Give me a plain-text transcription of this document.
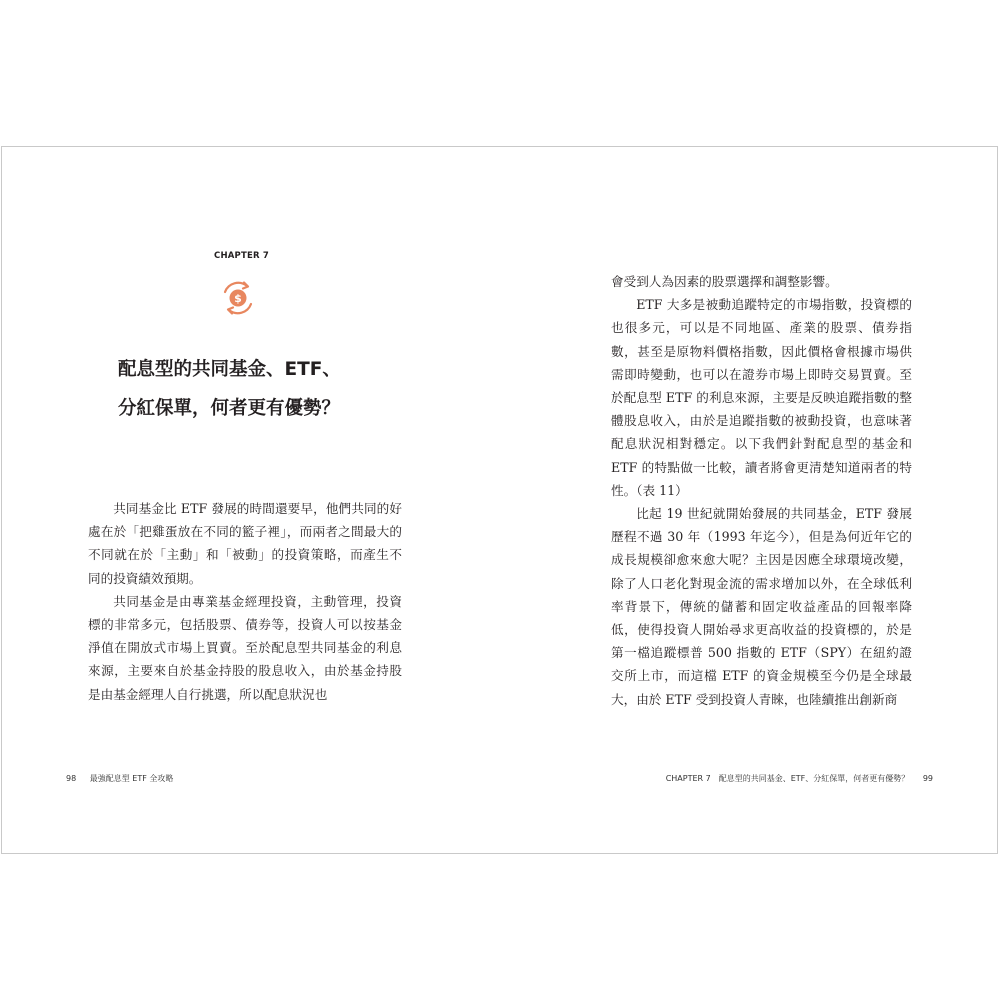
CHAPTER 7
$
配息型的共同基金、ETF、
分紅保單，何者更有優勢？

共同基金比 ETF 發展的時間還要早，他們共同的好處在於「把雞蛋放在不同的籃子裡」，而兩者之間最大的不同就在於「主動」和「被動」的投資策略，而產生不同的投資績效預期。

共同基金是由專業基金經理投資，主動管理，投資標的非常多元，包括股票、債券等，投資人可以按基金淨值在開放式市場上買賣。至於配息型共同基金的利息來源，主要來自於基金持股的股息收入，由於基金持股是由基金經理人自行挑選，所以配息狀況也

98 最強配息型 ETF 全攻略

會受到人為因素的股票選擇和調整影響。

ETF 大多是被動追蹤特定的市場指數，投資標的也很多元，可以是不同地區、產業的股票、債券指數，甚至是原物料價格指數，因此價格會根據市場供需即時變動，也可以在證券市場上即時交易買賣。至於配息型 ETF 的利息來源，主要是反映追蹤指數的整體股息收入，由於是追蹤指數的被動投資，也意味著配息狀況相對穩定。以下我們針對配息型的基金和 ETF 的特點做一比較，讀者將會更清楚知道兩者的特性。（表 11）

比起 19 世紀就開始發展的共同基金，ETF 發展歷程不過 30 年（1993 年迄今），但是為何近年它的成長規模卻愈來愈大呢？主因是因應全球環境改變，除了人口老化對現金流的需求增加以外，在全球低利率背景下，傳統的儲蓄和固定收益產品的回報率降低，使得投資人開始尋求更高收益的投資標的，於是第一檔追蹤標普 500 指數的 ETF（SPY）在紐約證交所上市，而這檔 ETF 的資金規模至今仍是全球最大，由於 ETF 受到投資人青睞，也陸續推出創新商

CHAPTER 7　配息型的共同基金、ETF、分紅保單，何者更有優勢？ 99
